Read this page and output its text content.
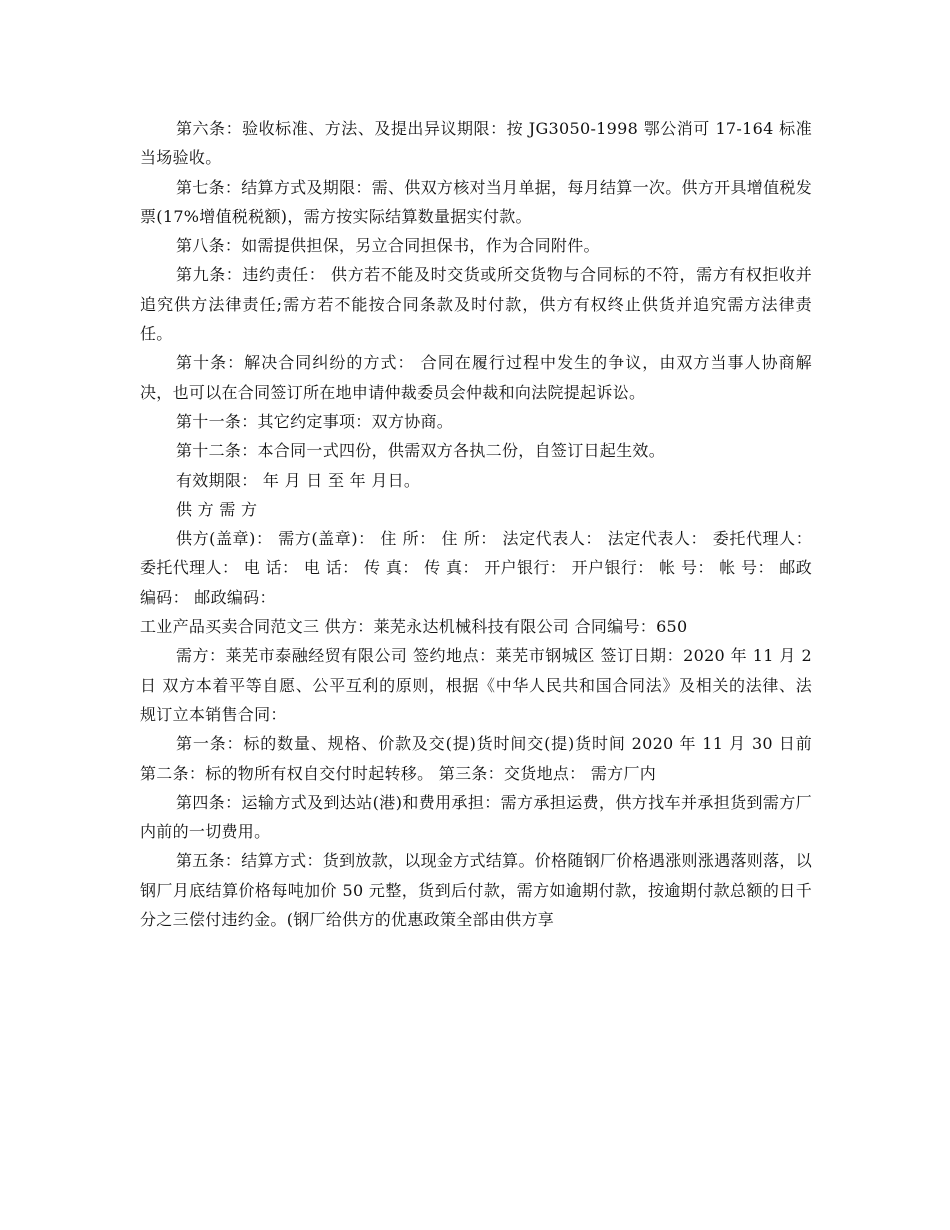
第六条：验收标准、方法、及提出异议期限：按 JG3050-1998 鄂公消可 17-164 标准当场验收。

第七条：结算方式及期限：需、供双方核对当月单据，每月结算一次。供方开具增值税发票(17%增值税税额)，需方按实际结算数量据实付款。

第八条：如需提供担保，另立合同担保书，作为合同附件。

第九条：违约责任： 供方若不能及时交货或所交货物与合同标的不符，需方有权拒收并追究供方法律责任;需方若不能按合同条款及时付款，供方有权终止供货并追究需方法律责任。

第十条：解决合同纠纷的方式： 合同在履行过程中发生的争议，由双方当事人协商解决，也可以在合同签订所在地申请仲裁委员会仲裁和向法院提起诉讼。

第十一条：其它约定事项：双方协商。

第十二条：本合同一式四份，供需双方各执二份，自签订日起生效。

有效期限： 年 月 日 至 年 月日。

供 方 需 方

供方(盖章)： 需方(盖章)： 住 所： 住 所： 法定代表人： 法定代表人： 委托代理人： 委托代理人： 电 话： 电 话： 传 真： 传 真： 开户银行： 开户银行： 帐 号： 帐 号： 邮政编码： 邮政编码：

工业产品买卖合同范文三 供方：莱芜永达机械科技有限公司 合同编号：650

需方：莱芜市泰融经贸有限公司 签约地点：莱芜市钢城区 签订日期：2020 年 11 月 2 日 双方本着平等自愿、公平互利的原则，根据《中华人民共和国合同法》及相关的法律、法规订立本销售合同：

第一条：标的数量、规格、价款及交(提)货时间交(提)货时间 2020 年 11 月 30 日前 第二条：标的物所有权自交付时起转移。 第三条：交货地点： 需方厂内

第四条：运输方式及到达站(港)和费用承担：需方承担运费，供方找车并承担货到需方厂内前的一切费用。

第五条：结算方式：货到放款，以现金方式结算。价格随钢厂价格遇涨则涨遇落则落，以钢厂月底结算价格每吨加价 50 元整，货到后付款，需方如逾期付款，按逾期付款总额的日千分之三偿付违约金。(钢厂给供方的优惠政策全部由供方享
